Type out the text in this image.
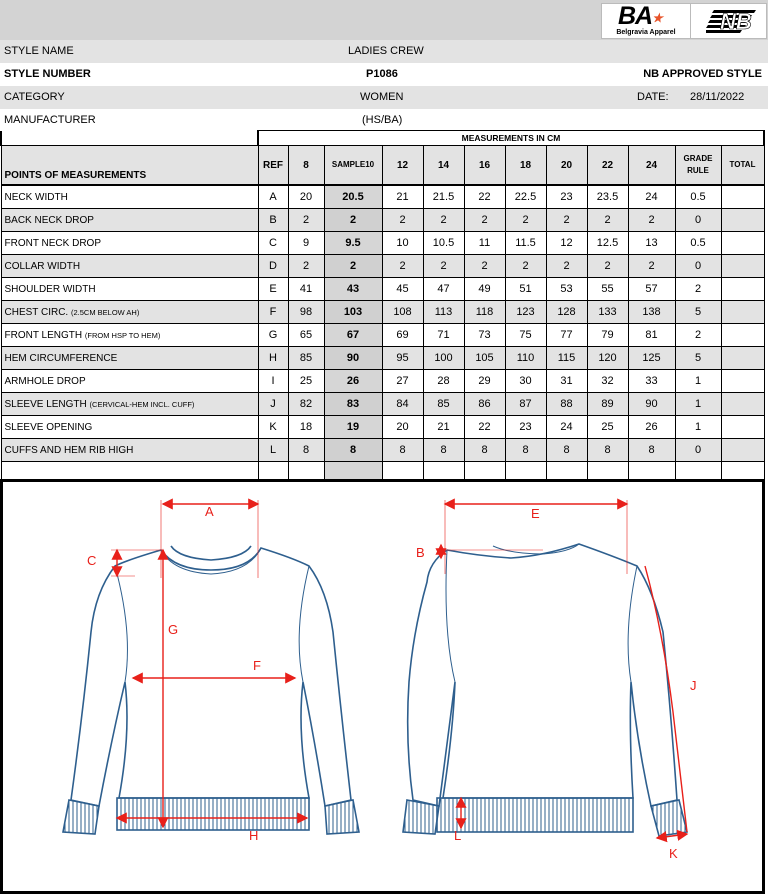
BA★
Belgravia Apparel	NB
STYLE NAME	LADIES CREW
STYLE NUMBER	P1086	NB APPROVED STYLE
CATEGORY	WOMEN	DATE: 28/11/2022
MANUFACTURER	(HS/BA)
	MEASUREMENTS IN CM											
POINTS OF MEASUREMENTS	REF	8	SAMPLE10	12	14	16	18	20	22	24	GRADE
RULE	TOTAL
NECK WIDTH	A	20	20.5	21	21.5	22	22.5	23	23.5	24	0.5	
BACK NECK DROP	B	2	2	2	2	2	2	2	2	2	0	
FRONT NECK DROP	C	9	9.5	10	10.5	11	11.5	12	12.5	13	0.5	
COLLAR WIDTH	D	2	2	2	2	2	2	2	2	2	0	
SHOULDER WIDTH	E	41	43	45	47	49	51	53	55	57	2	
CHEST CIRC. (2.5CM BELOW AH)	F	98	103	108	113	118	123	128	133	138	5	
FRONT LENGTH (FROM HSP TO HEM)	G	65	67	69	71	73	75	77	79	81	2	
HEM CIRCUMFERENCE	H	85	90	95	100	105	110	115	120	125	5	
ARMHOLE DROP	I	25	26	27	28	29	30	31	32	33	1	
SLEEVE LENGTH (CERVICAL-HEM INCL. CUFF)	J	82	83	84	85	86	87	88	89	90	1	
SLEEVE OPENING	K	18	19	20	21	22	23	24	25	26	1	
CUFFS AND HEM RIB HIGH	L	8	8	8	8	8	8	8	8	8	0	

A
C
G
F
H
E
B
L
J
K
